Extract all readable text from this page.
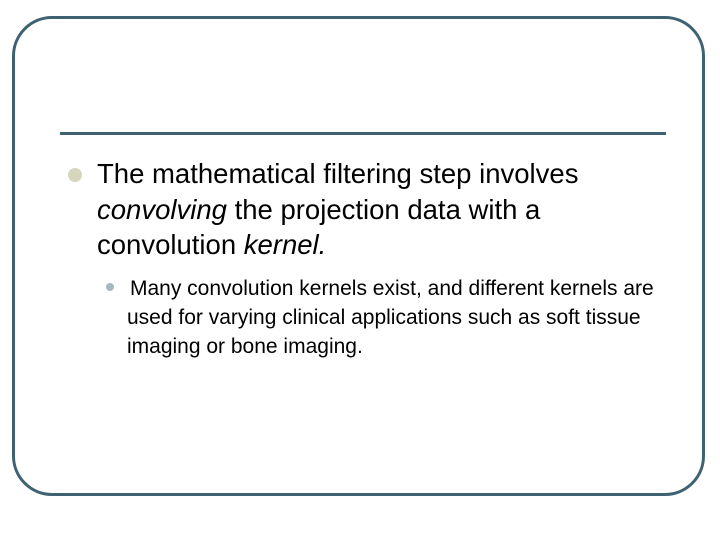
The mathematical filtering step involves
convolving the projection data with a convolution kernel.

Many convolution kernels exist, and different kernels are used for varying clinical applications such as soft tissue imaging or bone imaging.
